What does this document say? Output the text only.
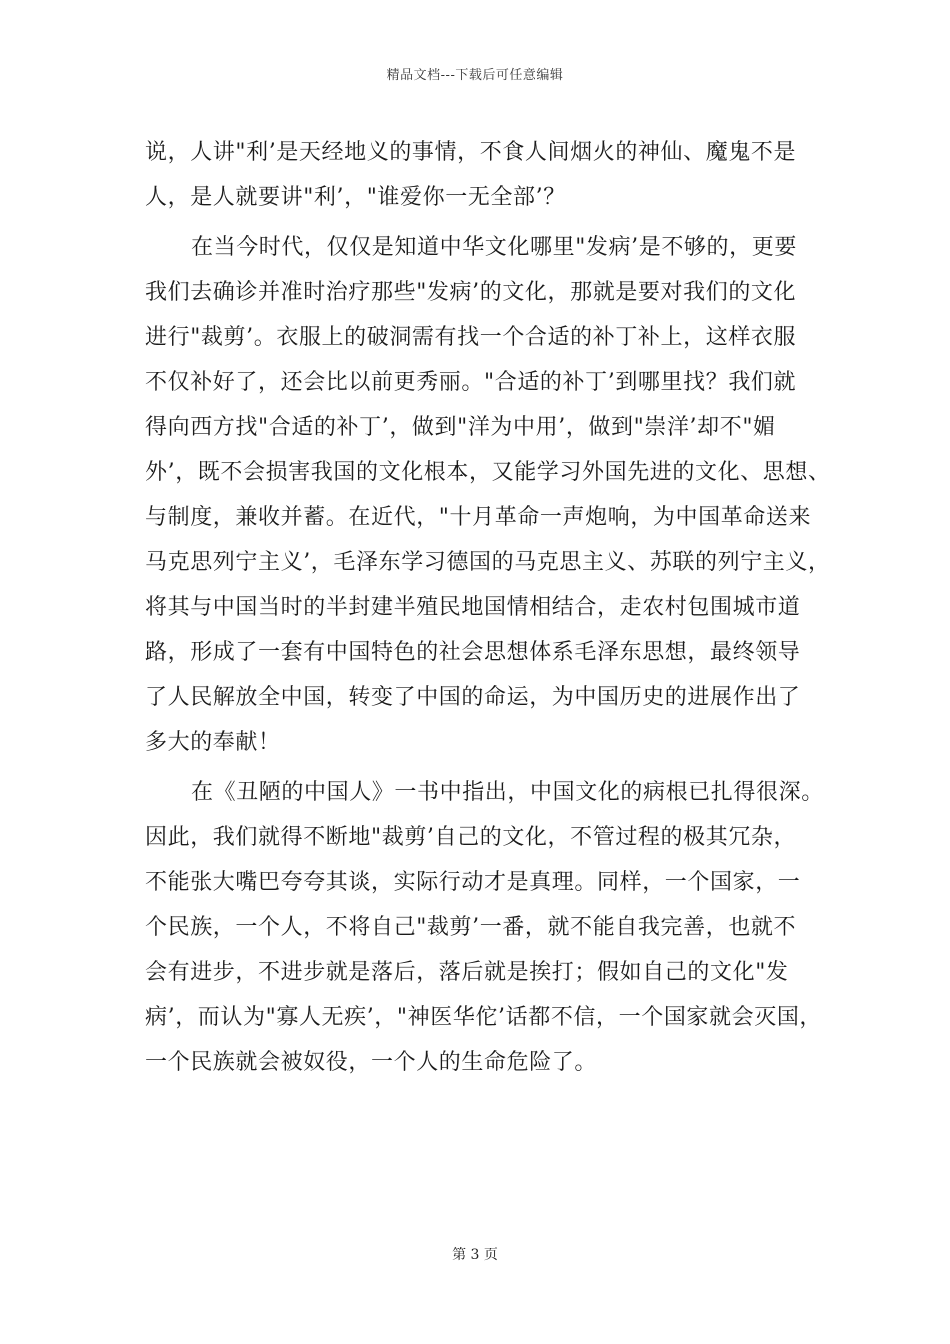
精品文档---下载后可任意编辑
说，人讲"利’是天经地义的事情，不食人间烟火的神仙、魔鬼不是
人，是人就要讲"利’，"谁爱你一无全部’？
在当今时代，仅仅是知道中华文化哪里"发病’是不够的，更要
我们去确诊并准时治疗那些"发病’的文化，那就是要对我们的文化
进行"裁剪’。衣服上的破洞需有找一个合适的补丁补上，这样衣服
不仅补好了，还会比以前更秀丽。"合适的补丁’到哪里找？我们就
得向西方找"合适的补丁’，做到"洋为中用’，做到"崇洋’却不"媚
外’，既不会损害我国的文化根本，又能学习外国先进的文化、思想、
与制度，兼收并蓄。在近代，"十月革命一声炮响，为中国革命送来
马克思列宁主义’，毛泽东学习德国的马克思主义、苏联的列宁主义，
将其与中国当时的半封建半殖民地国情相结合，走农村包围城市道
路，形成了一套有中国特色的社会思想体系毛泽东思想，最终领导
了人民解放全中国，转变了中国的命运，为中国历史的进展作出了
多大的奉献！
在《丑陋的中国人》一书中指出，中国文化的病根已扎得很深。
因此，我们就得不断地"裁剪’自己的文化，不管过程的极其冗杂，
不能张大嘴巴夸夸其谈，实际行动才是真理。同样，一个国家，一
个民族，一个人，不将自己"裁剪’一番，就不能自我完善，也就不
会有进步，不进步就是落后，落后就是挨打；假如自己的文化"发
病’，而认为"寡人无疾’，"神医华佗’话都不信，一个国家就会灭国，
一个民族就会被奴役，一个人的生命危险了。
第 3 页
